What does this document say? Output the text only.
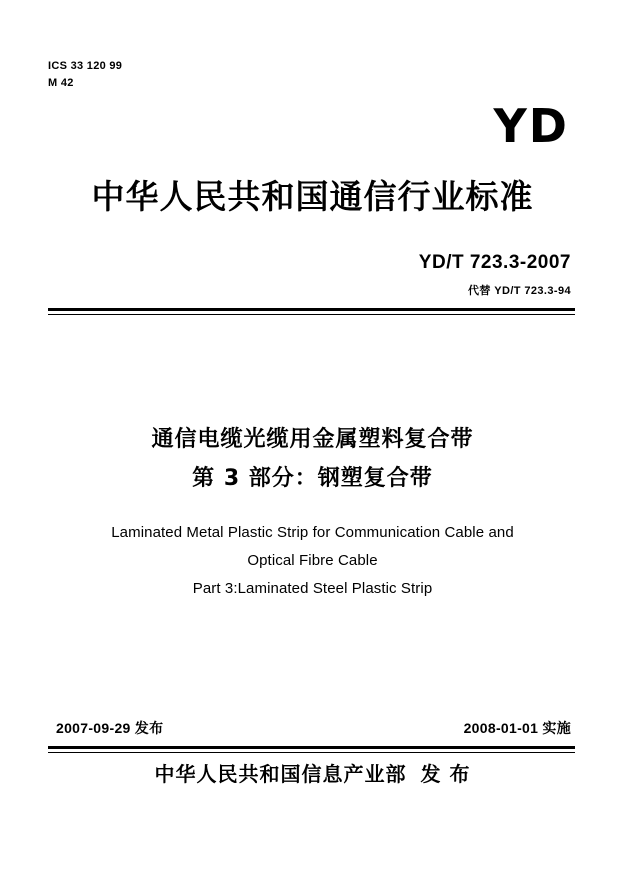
ICS 33 120 99
M 42
YD
中华人民共和国通信行业标准
YD/T 723.3-2007
代替 YD/T 723.3-94
通信电缆光缆用金属塑料复合带
第 3 部分：钢塑复合带
Laminated Metal Plastic Strip for Communication Cable and
Optical Fibre Cable
Part 3:Laminated Steel Plastic Strip
2007-09-29 发布	2008-01-01 实施
中华人民共和国信息产业部 发 布
